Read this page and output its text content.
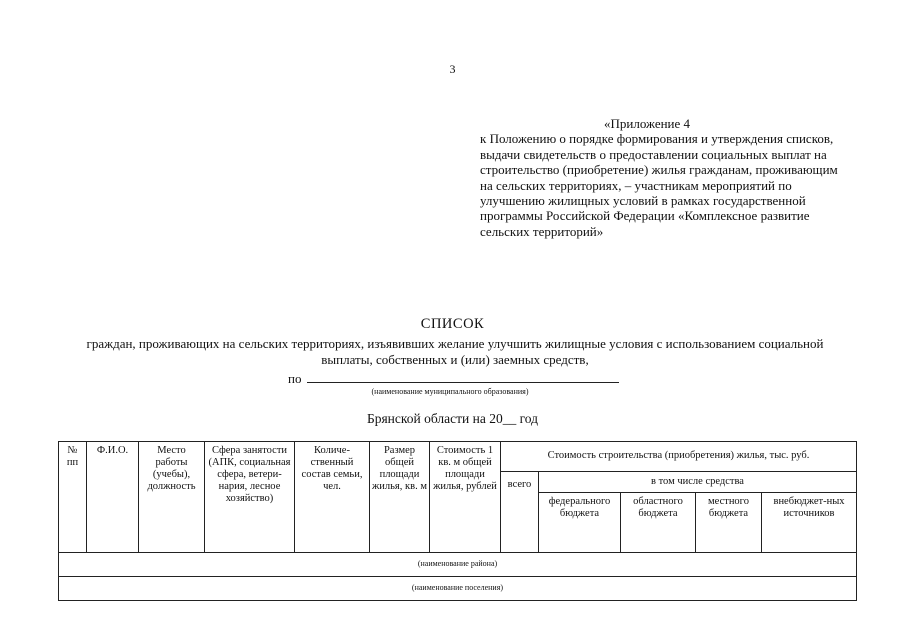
3
«Приложение 4
к Положению о порядке формирования и утверждения списков, выдачи свидетельств о предоставлении социальных выплат на строительство (приобретение) жилья гражданам, проживающим на сельских территориях, – участникам мероприятий по улучшению жилищных условий в рамках государственной программы Российской Федерации «Комплексное развитие сельских территорий»
СПИСОК
граждан, проживающих на сельских территориях, изъявивших желание улучшить жилищные условия с использованием социальной выплаты, собственных и (или) заемных средств,
по
(наименование муниципального образования)
Брянской области на 20__ год
№ пп	Ф.И.О.	Место работы (учебы), должность	Сфера занятости (АПК, социальная сфера, ветери-нария, лесное хозяйство)	Количе-ственный состав семьи, чел.	Размер общей площади жилья, кв. м	Стоимость 1 кв. м общей площади жилья, рублей	Стоимость строительства (приобретения) жилья, тыс. руб.				
							всего	в том числе средства			
								федерального бюджета	областного бюджета	местного бюджета	внебюджет-ных источников
(наименование района)											
(наименование поселения)											
